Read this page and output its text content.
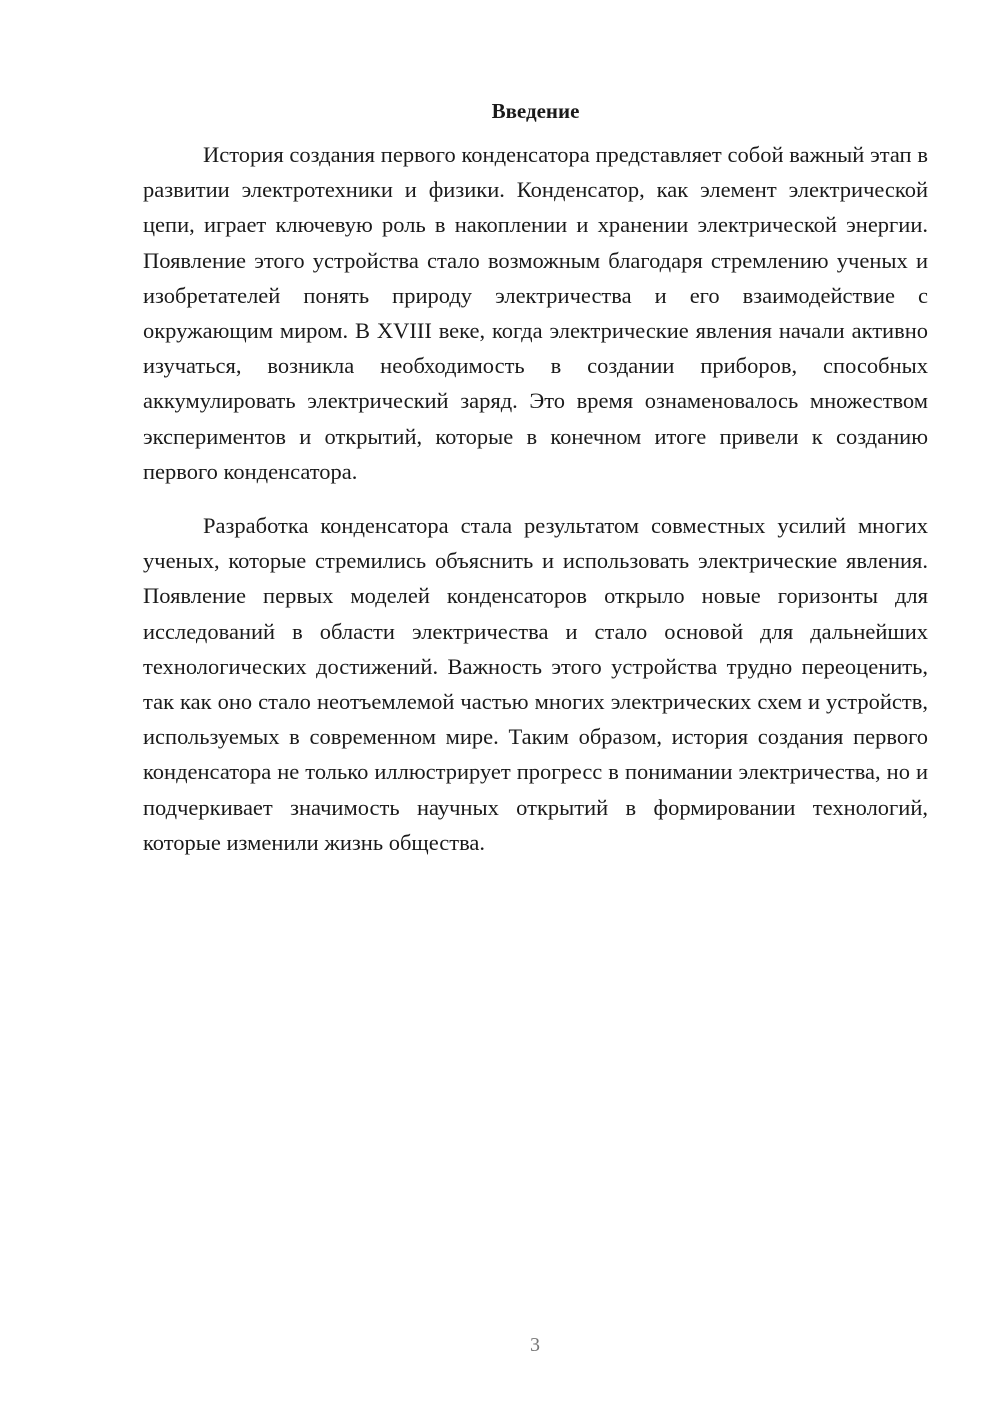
Введение

История создания первого конденсатора представляет собой важный этап в развитии электротехники и физики. Конденсатор, как элемент электрической цепи, играет ключевую роль в накоплении и хранении электрической энергии. Появление этого устройства стало возможным благодаря стремлению ученых и изобретателей понять природу электричества и его взаимодействие с окружающим миром. В XVIII веке, когда электрические явления начали активно изучаться, возникла необходимость в создании приборов, способных аккумулировать электрический заряд. Это время ознаменовалось множеством экспериментов и открытий, которые в конечном итоге привели к созданию первого конденсатора.

Разработка конденсатора стала результатом совместных усилий многих ученых, которые стремились объяснить и использовать электрические явления. Появление первых моделей конденсаторов открыло новые горизонты для исследований в области электричества и стало основой для дальнейших технологических достижений. Важность этого устройства трудно переоценить, так как оно стало неотъемлемой частью многих электрических схем и устройств, используемых в современном мире. Таким образом, история создания первого конденсатора не только иллюстрирует прогресс в понимании электричества, но и подчеркивает значимость научных открытий в формировании технологий, которые изменили жизнь общества.

3
